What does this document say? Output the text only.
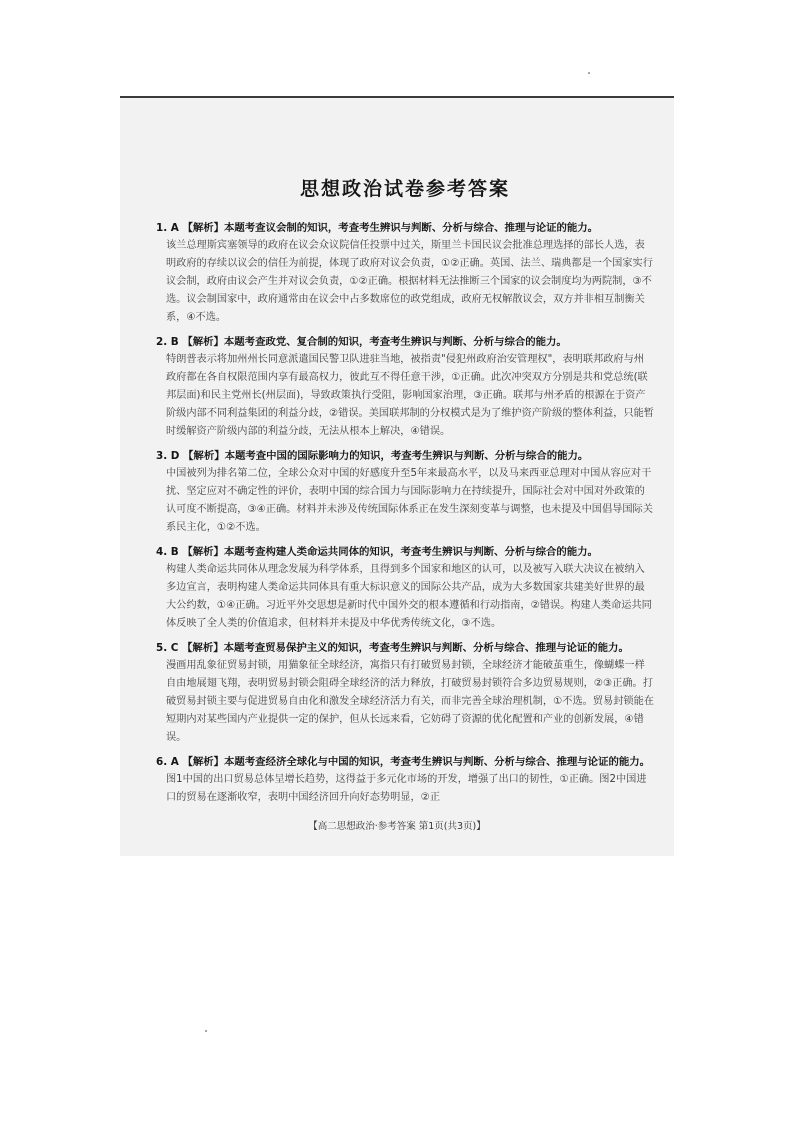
思想政治试卷参考答案
1. A 【解析】本题考查议会制的知识，考查考生辨识与判断、分析与综合、推理与论证的能力。
该兰总理斯宾塞领导的政府在议会众议院信任投票中过关，斯里兰卡国民议会批准总理选择的部长人选，表明政府的存续以议会的信任为前提，体现了政府对议会负责，①②正确。英国、法兰、瑞典都是一个国家实行议会制，政府由议会产生并对议会负责，①②正确。根据材料无法推断三个国家的议会制度均为两院制，③不选。议会制国家中，政府通常由在议会中占多数席位的政党组成，政府无权解散议会，双方并非相互制衡关系，④不选。
2. B 【解析】本题考查政党、复合制的知识，考查考生辨识与判断、分析与综合的能力。
特朗普表示将加州州长同意派遣国民警卫队进驻当地，被指责"侵犯州政府治安管理权"，表明联邦政府与州政府都在各自权限范围内享有最高权力，彼此互不得任意干涉，①正确。此次冲突双方分别是共和党总统(联邦层面)和民主党州长(州层面)，导致政策执行受阻，影响国家治理，③正确。联邦与州矛盾的根源在于资产阶级内部不同利益集团的利益分歧，②错误。美国联邦制的分权模式是为了维护资产阶级的整体利益，只能暂时缓解资产阶级内部的利益分歧，无法从根本上解决，④错误。
3. D 【解析】本题考查中国的国际影响力的知识，考查考生辨识与判断、分析与综合的能力。
中国被列为排名第二位，全球公众对中国的好感度升至5年来最高水平，以及马来西亚总理对中国从容应对干扰、坚定应对不确定性的评价，表明中国的综合国力与国际影响力在持续提升，国际社会对中国对外政策的认可度不断提高，③④正确。材料并未涉及传统国际体系正在发生深刻变革与调整，也未提及中国倡导国际关系民主化，①②不选。
4. B 【解析】本题考查构建人类命运共同体的知识，考查考生辨识与判断、分析与综合的能力。
构建人类命运共同体从理念发展为科学体系，且得到多个国家和地区的认可，以及被写入联大决议在被纳入多边宣言，表明构建人类命运共同体具有重大标识意义的国际公共产品，成为大多数国家共建美好世界的最大公约数，①④正确。习近平外交思想是新时代中国外交的根本遵循和行动指南，②错误。构建人类命运共同体反映了全人类的价值追求，但材料并未提及中华优秀传统文化，③不选。
5. C 【解析】本题考查贸易保护主义的知识，考查考生辨识与判断、分析与综合、推理与论证的能力。
漫画用乱象征贸易封锁，用猫象征全球经济，寓指只有打破贸易封锁，全球经济才能破茧重生，像蝴蝶一样自由地展翅飞翔，表明贸易封锁会阻碍全球经济的活力释放，打破贸易封锁符合多边贸易规则，②③正确。打破贸易封锁主要与促进贸易自由化和激发全球经济活力有关，而非完善全球治理机制，①不选。贸易封锁能在短期内对某些国内产业提供一定的保护，但从长远来看，它妨碍了资源的优化配置和产业的创新发展，④错误。
6. A 【解析】本题考查经济全球化与中国的知识，考查考生辨识与判断、分析与综合、推理与论证的能力。
图1中国的出口贸易总体呈增长趋势，这得益于多元化市场的开发，增强了出口的韧性，①正确。图2中国进口的贸易在逐渐收窄，表明中国经济回升向好态势明显，②正
【高二思想政治·参考答案 第1页(共3页)】
